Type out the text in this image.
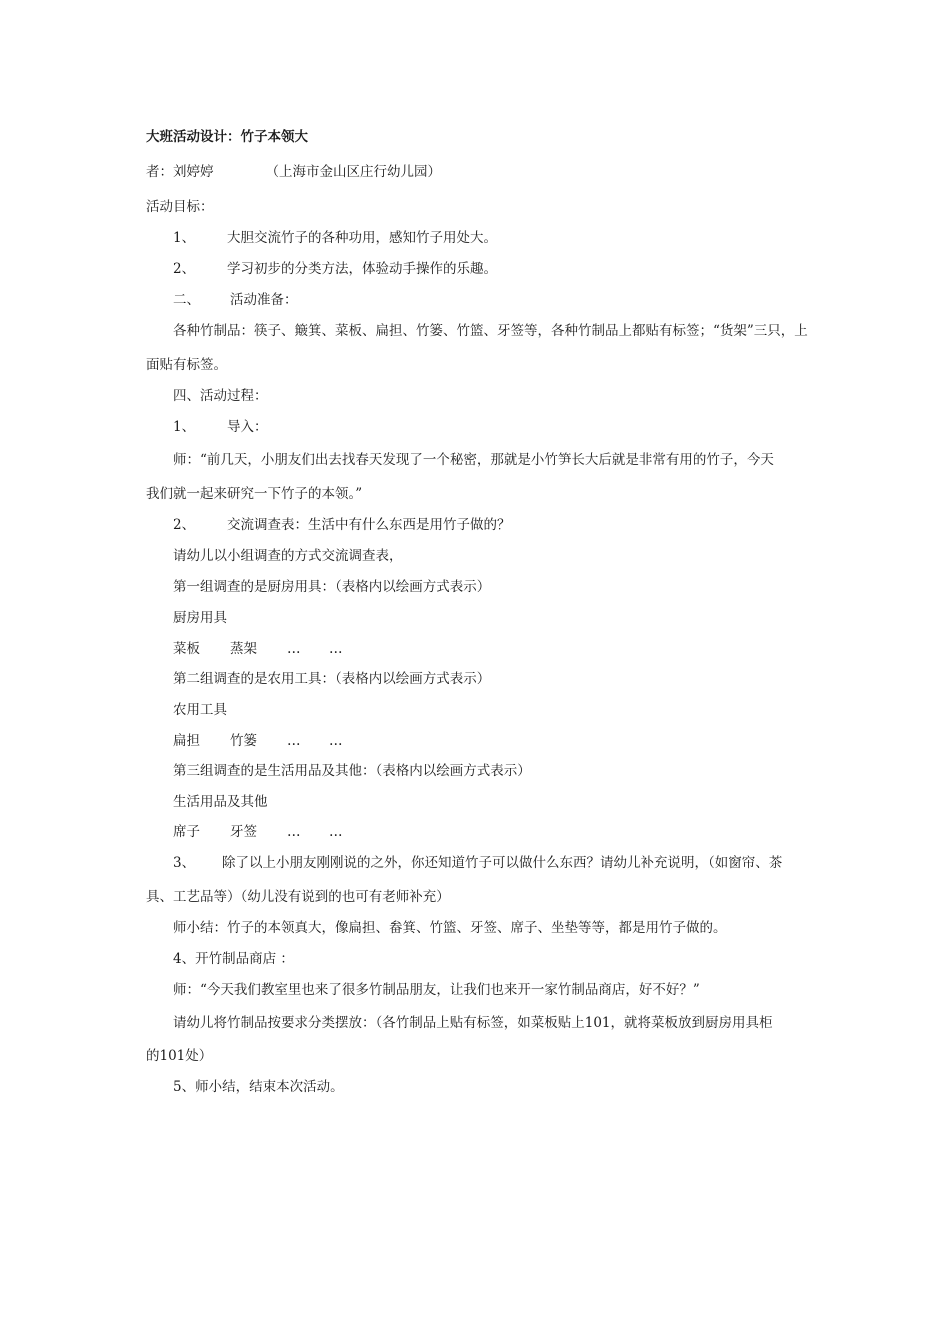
大班活动设计：竹子本领大
者：刘婷婷	（上海市金山区庄行幼儿园）
活动目标：
1、 大胆交流竹子的各种功用，感知竹子用处大。
2、 学习初步的分类方法，体验动手操作的乐趣。
二、 活动准备：
各种竹制品：筷子、簸箕、菜板、扁担、竹篓、竹篮、牙签等，各种竹制品上都贴有标签；“货架”三只，上
面贴有标签。
四、活动过程：
1、 导入：
师：“前几天，小朋友们出去找春天发现了一个秘密，那就是小竹笋长大后就是非常有用的竹子，今天
我们就一起来研究一下竹子的本领。”
2、 交流调查表：生活中有什么东西是用竹子做的？
请幼儿以小组调查的方式交流调查表，
第一组调查的是厨房用具：（表格内以绘画方式表示）
厨房用具
菜板 蒸架 … …
第二组调查的是农用工具：（表格内以绘画方式表示）
农用工具
扁担 竹篓 … …
第三组调查的是生活用品及其他：（表格内以绘画方式表示）
生活用品及其他
席子 牙签 … …
3、 除了以上小朋友刚刚说的之外，你还知道竹子可以做什么东西？请幼儿补充说明，（如窗帘、茶
具、工艺品等）（幼儿没有说到的也可有老师补充）
师小结：竹子的本领真大，像扁担、畚箕、竹篮、牙签、席子、坐垫等等，都是用竹子做的。
4、开竹制品商店 ：
师：“今天我们教室里也来了很多竹制品朋友，让我们也来开一家竹制品商店，好不好？”
请幼儿将竹制品按要求分类摆放：（各竹制品上贴有标签，如菜板贴上101，就将菜板放到厨房用具柜
的101处）
5、师小结，结束本次活动。
